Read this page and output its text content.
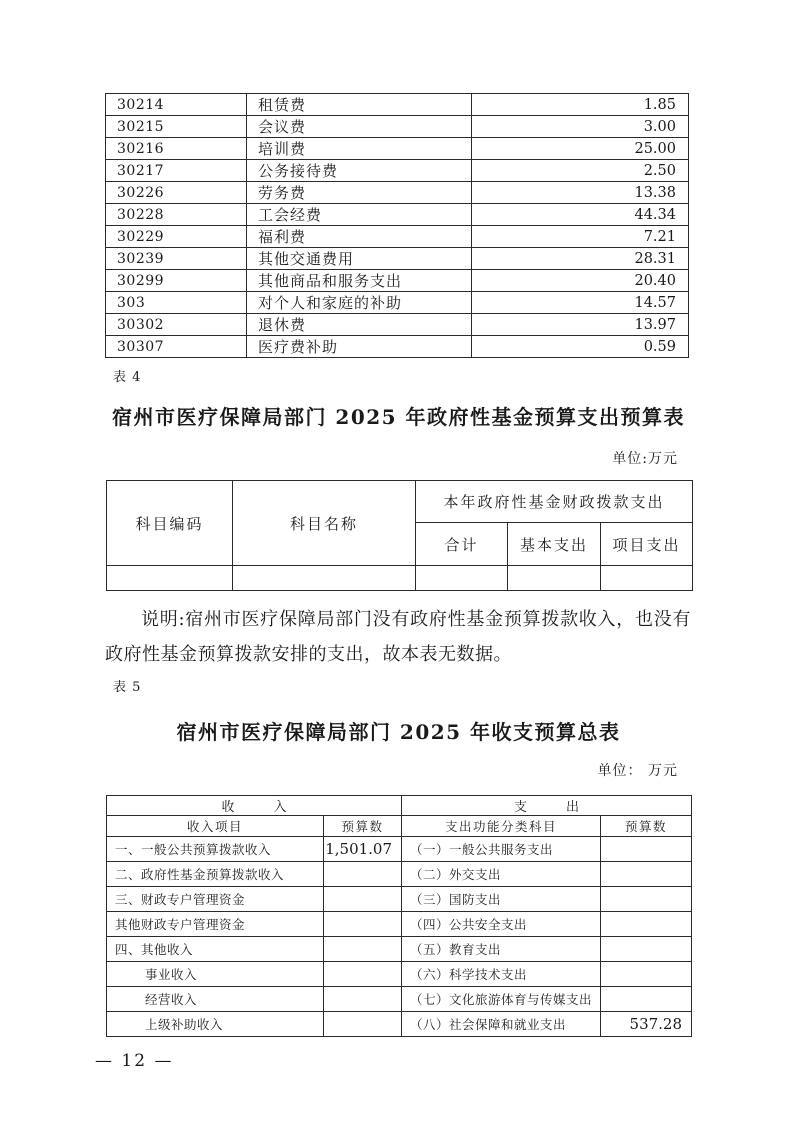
30214	租赁费	1.85
30215	会议费	3.00
30216	培训费	25.00
30217	公务接待费	2.50
30226	劳务费	13.38
30228	工会经费	44.34
30229	福利费	7.21
30239	其他交通费用	28.31
30299	其他商品和服务支出	20.40
303	对个人和家庭的补助	14.57
30302	退休费	13.97
30307	医疗费补助	0.59
表 4
宿州市医疗保障局部门 2025 年政府性基金预算支出预算表
单位:万元
科目编码	科目名称	本年政府性基金财政拨款支出		
		合计	基本支出	项目支出

说明:宿州市医疗保障局部门没有政府性基金预算拨款收入，也没有政府性基金预算拨款安排的支出，故本表无数据。

表 5
宿州市医疗保障局部门 2025 年收支预算总表
单位： 万元
收　　　入		支　　　出	
收入项目	预算数	支出功能分类科目	预算数
一、一般公共预算拨款收入	1,501.07	（一）一般公共服务支出	
二、政府性基金预算拨款收入		（二）外交支出	
三、财政专户管理资金		（三）国防支出	
其他财政专户管理资金		（四）公共安全支出	
四、其他收入		（五）教育支出	
事业收入		（六）科学技术支出	
经营收入		（七）文化旅游体育与传媒支出	
上级补助收入		（八）社会保障和就业支出	537.28
— 12 —
